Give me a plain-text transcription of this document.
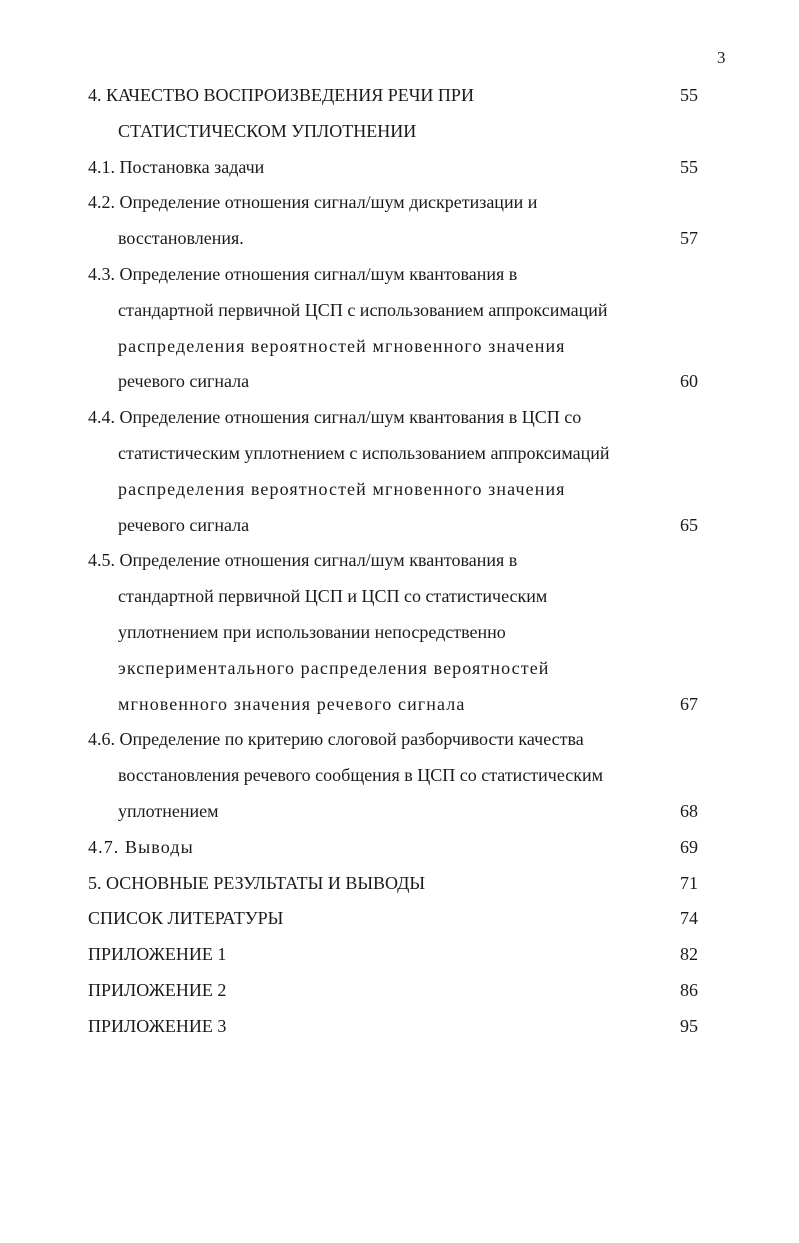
3
4. КАЧЕСТВО ВОСПРОИЗВЕДЕНИЯ РЕЧИ ПРИ	55
СТАТИСТИЧЕСКОМ УПЛОТНЕНИИ
4.1. Постановка задачи	55
4.2. Определение отношения сигнал/шум дискретизации и
восстановления.	57
4.3. Определение отношения сигнал/шум квантования в
стандартной первичной ЦСП с использованием аппроксимаций
распределения вероятностей мгновенного значения
речевого сигнала	60
4.4. Определение отношения сигнал/шум квантования в ЦСП со
статистическим уплотнением с использованием аппроксимаций
распределения вероятностей мгновенного значения
речевого сигнала	65
4.5. Определение отношения сигнал/шум квантования в
стандартной первичной ЦСП и ЦСП со статистическим
уплотнением при использовании непосредственно
экспериментального распределения вероятностей
мгновенного значения речевого сигнала	67
4.6. Определение по критерию слоговой разборчивости качества
восстановления речевого сообщения в ЦСП со статистическим
уплотнением	68
4.7. Выводы	69
5. ОСНОВНЫЕ РЕЗУЛЬТАТЫ И ВЫВОДЫ	71
СПИСОК ЛИТЕРАТУРЫ	74
ПРИЛОЖЕНИЕ 1	82
ПРИЛОЖЕНИЕ 2	86
ПРИЛОЖЕНИЕ 3	95
